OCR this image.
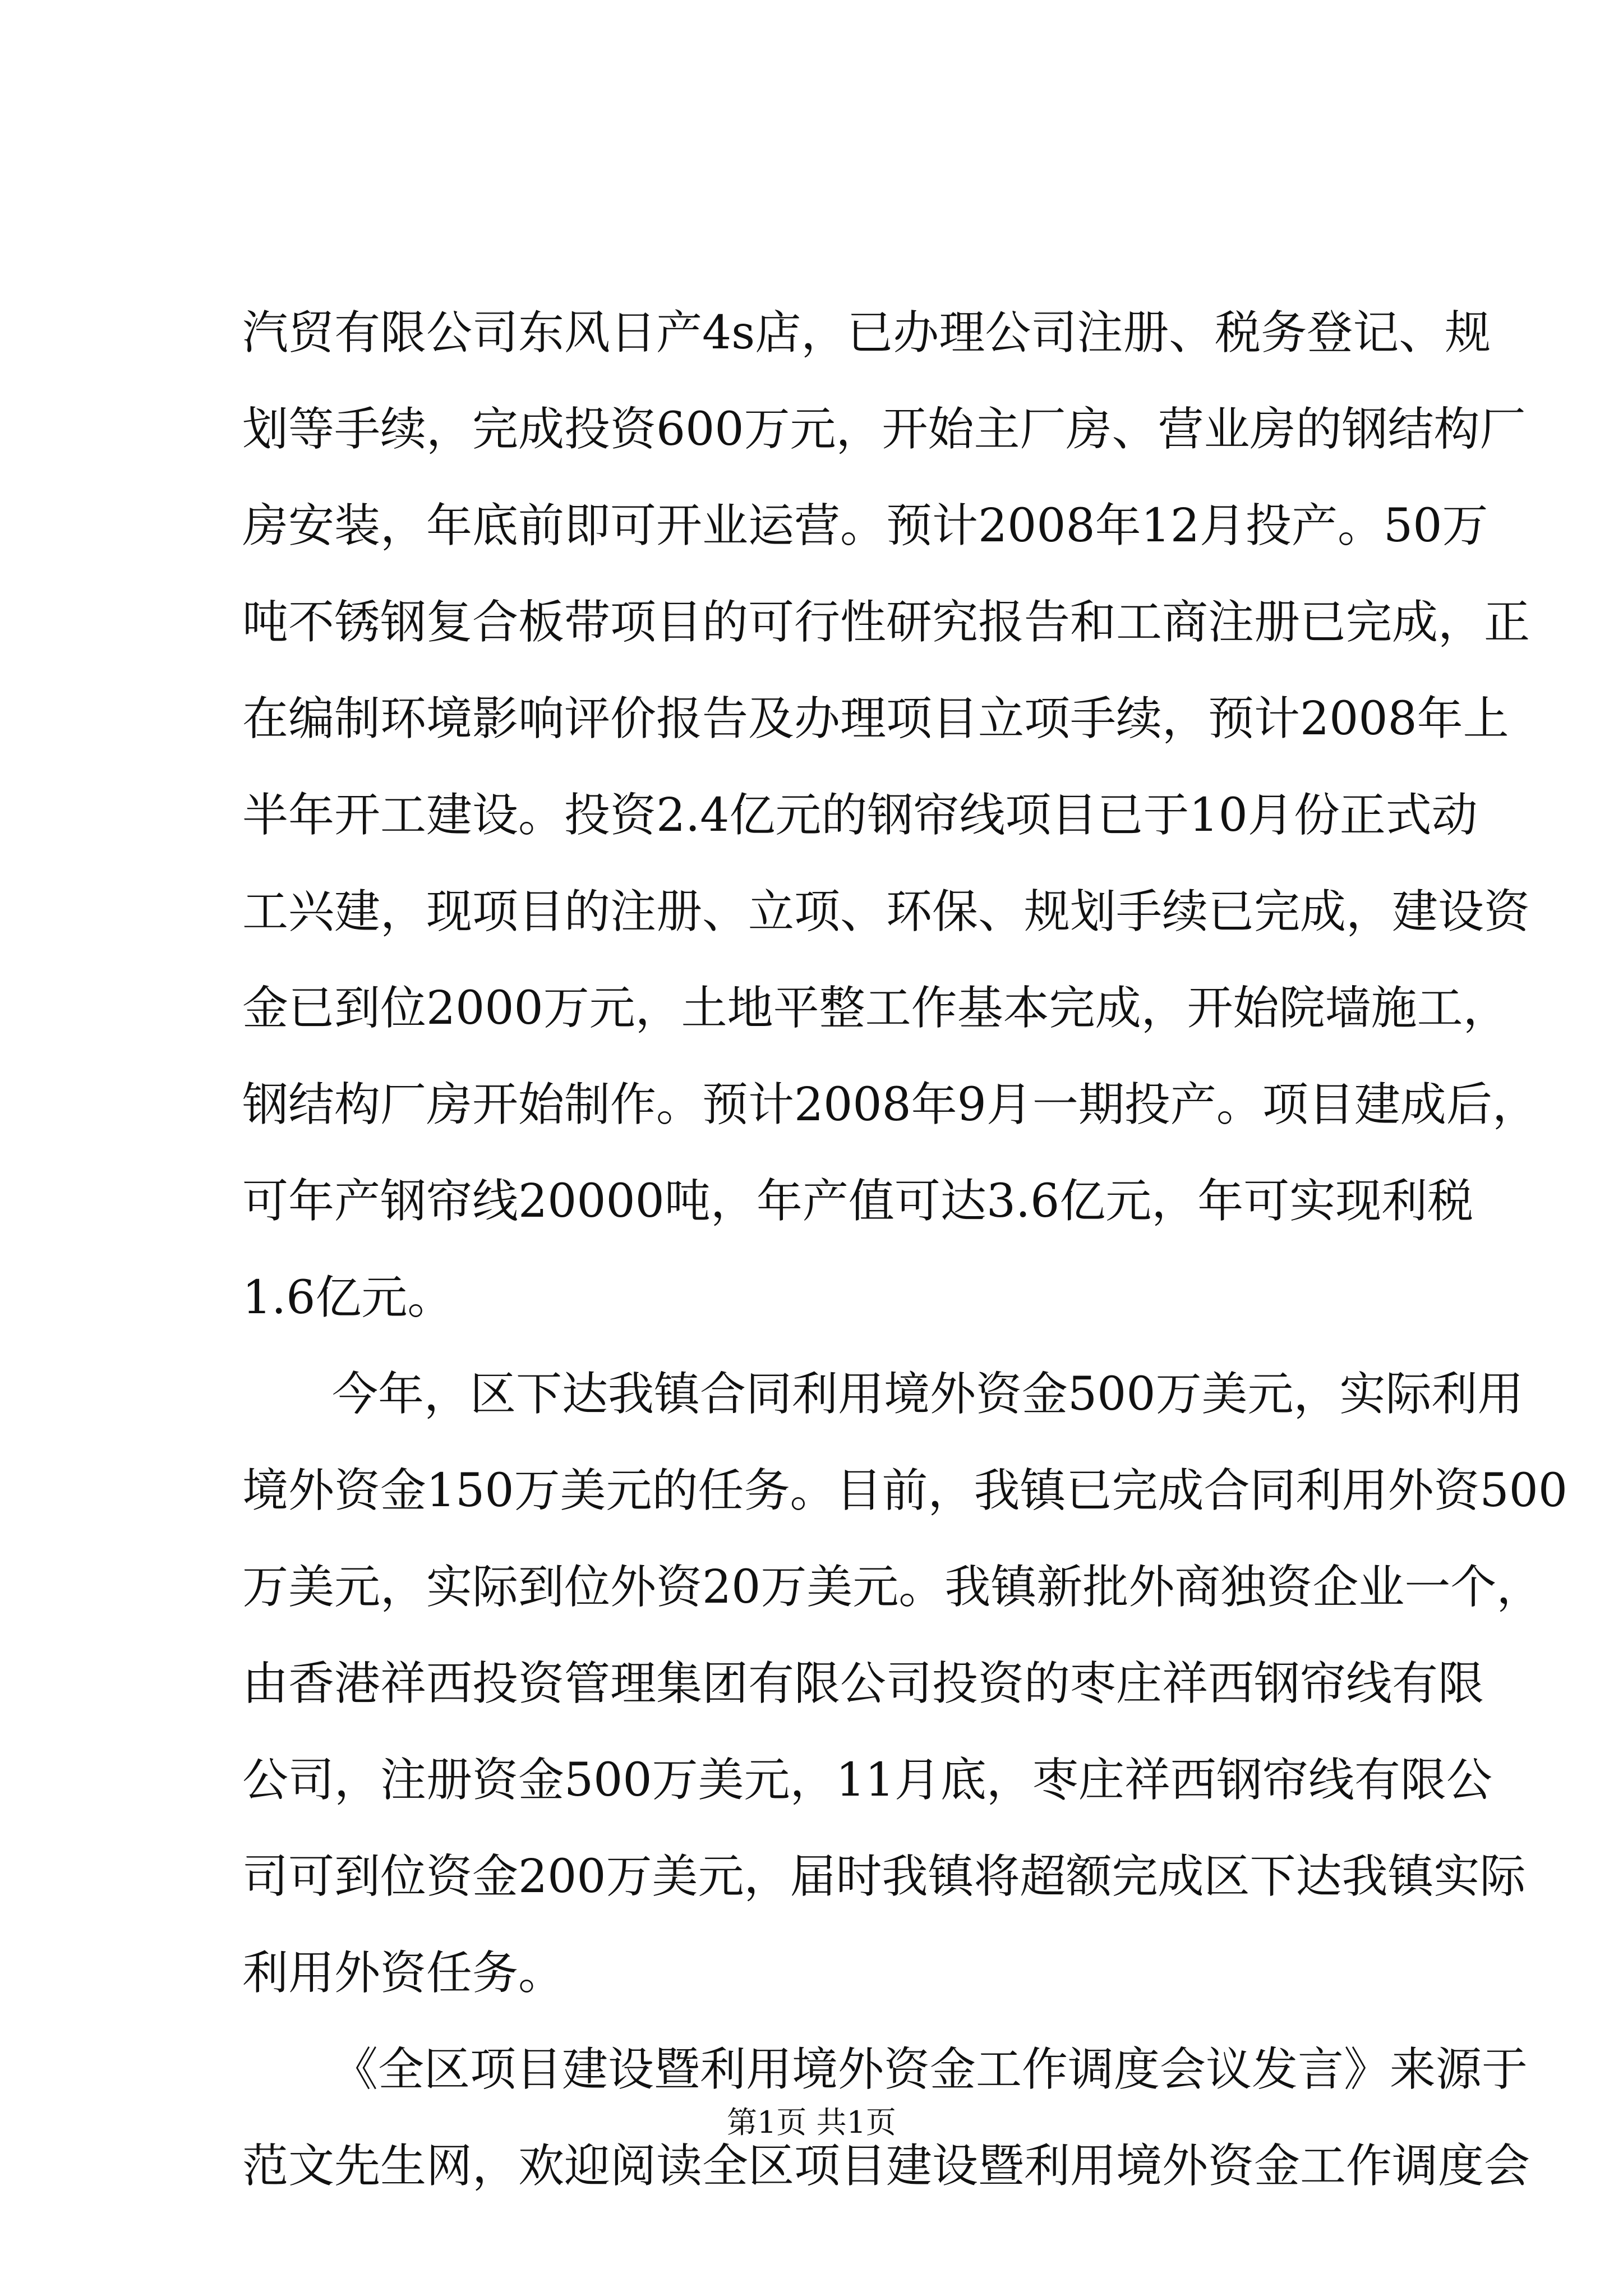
汽贸有限公司东风日产4s店，已办理公司注册、税务登记、规
划等手续，完成投资600万元，开始主厂房、营业房的钢结构厂
房安装，年底前即可开业运营。预计2008年12月投产。50万
吨不锈钢复合板带项目的可行性研究报告和工商注册已完成，正
在编制环境影响评价报告及办理项目立项手续，预计2008年上
半年开工建设。投资2.4亿元的钢帘线项目已于10月份正式动
工兴建，现项目的注册、立项、环保、规划手续已完成，建设资
金已到位2000万元，土地平整工作基本完成，开始院墙施工，
钢结构厂房开始制作。预计2008年9月一期投产。项目建成后，
可年产钢帘线20000吨，年产值可达3.6亿元，年可实现利税
1.6亿元。
今年，区下达我镇合同利用境外资金500万美元，实际利用
境外资金150万美元的任务。目前，我镇已完成合同利用外资500
万美元，实际到位外资20万美元。我镇新批外商独资企业一个，
由香港祥西投资管理集团有限公司投资的枣庄祥西钢帘线有限
公司，注册资金500万美元，11月底，枣庄祥西钢帘线有限公
司可到位资金200万美元，届时我镇将超额完成区下达我镇实际
利用外资任务。
《全区项目建设暨利用境外资金工作调度会议发言》来源于
范文先生网，欢迎阅读全区项目建设暨利用境外资金工作调度会
第1页 共1页
